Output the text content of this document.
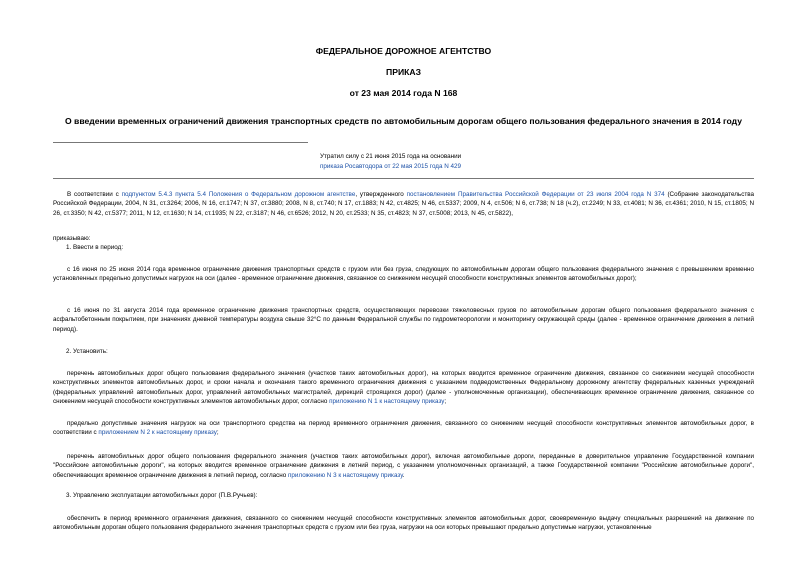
ФЕДЕРАЛЬНОЕ ДОРОЖНОЕ АГЕНТСТВО
ПРИКАЗ
от 23 мая 2014 года N 168
О введении временных ограничений движения транспортных средств по автомобильным дорогам общего пользования федерального значения в 2014 году
Утратил силу с 21 июня 2015 года на основании
приказа Росавтодора от 22 мая 2015 года N 429
В соответствии с подпунктом 5.4.3 пункта 5.4 Положения о Федеральном дорожном агентстве, утвержденного постановлением Правительства Российской Федерации от 23 июля 2004 года N 374 (Собрание законодательства Российской Федерации, 2004, N 31, ст.3264; 2006, N 16, ст.1747; N 37, ст.3880; 2008, N 8, ст.740; N 17, ст.1883; N 42, ст.4825; N 46, ст.5337; 2009, N 4, ст.506; N 6, ст.738; N 18 (ч.2), ст.2249; N 33, ст.4081; N 36, ст.4361; 2010, N 15, ст.1805; N 26, ст.3350; N 42, ст.5377; 2011, N 12, ст.1630; N 14, ст.1935; N 22, ст.3187; N 46, ст.6526; 2012, N 20, ст.2533; N 35, ст.4823; N 37, ст.5008; 2013, N 45, ст.5822),
приказываю:
1. Ввести в период:
с 16 июня по 25 июня 2014 года временное ограничение движения транспортных средств с грузом или без груза, следующих по автомобильным дорогам общего пользования федерального значения с превышением временно установленных предельно допустимых нагрузок на оси (далее - временное ограничение движения, связанное со снижением несущей способности конструктивных элементов автомобильных дорог);
с 16 июня по 31 августа 2014 года временное ограничение движения транспортных средств, осуществляющих перевозки тяжеловесных грузов по автомобильным дорогам общего пользования федерального значения с асфальтобетонным покрытием, при значениях дневной температуры воздуха свыше 32°С по данным Федеральной службы по гидрометеорологии и мониторингу окружающей среды (далее - временное ограничение движения в летний период).
2. Установить:
перечень автомобильных дорог общего пользования федерального значения (участков таких автомобильных дорог), на которых вводится временное ограничение движения, связанное со снижением несущей способности конструктивных элементов автомобильных дорог, и сроки начала и окончания такого временного ограничения движения с указанием подведомственных Федеральному дорожному агентству федеральных казенных учреждений (федеральных управлений автомобильных дорог, управлений автомобильных магистралей, дирекций строящихся дорог) (далее - уполномоченные организации), обеспечивающих временное ограничение движения, связанное со снижением несущей способности конструктивных элементов автомобильных дорог, согласно приложению N 1 к настоящему приказу;
предельно допустимые значения нагрузок на оси транспортного средства на период временного ограничения движения, связанного со снижением несущей способности конструктивных элементов автомобильных дорог, в соответствии с приложением N 2 к настоящему приказу;
перечень автомобильных дорог общего пользования федерального значения (участков таких автомобильных дорог), включая автомобильные дороги, переданные в доверительное управление Государственной компании "Российские автомобильные дороги", на которых вводится временное ограничение движения в летний период, с указанием уполномоченных организаций, а также Государственной компании "Российские автомобильные дороги", обеспечивающих временное ограничение движения в летний период, согласно приложению N 3 к настоящему приказу.
3. Управлению эксплуатации автомобильных дорог (П.В.Ручьев):
обеспечить в период временного ограничения движения, связанного со снижением несущей способности конструктивных элементов автомобильных дорог, своевременную выдачу специальных разрешений на движение по автомобильным дорогам общего пользования федерального значения транспортных средств с грузом или без груза, нагрузки на оси которых превышают предельно допустимые нагрузки, установленные
